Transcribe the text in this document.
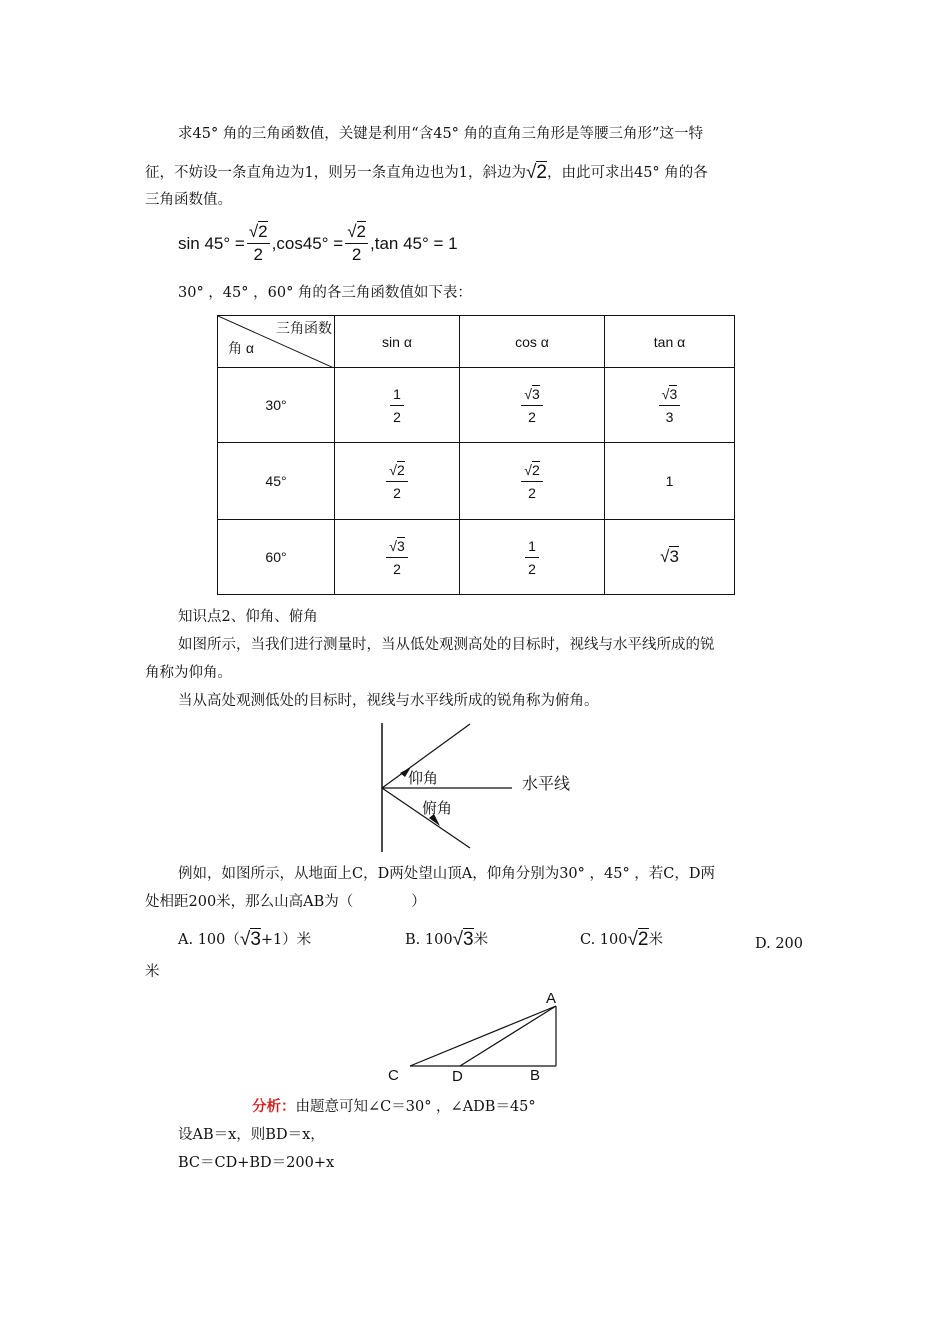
求45° 角的三角函数值，关键是利用“含45° 角的直角三角形是等腰三角形”这一特
征，不妨设一条直角边为1，则另一条直角边也为1，斜边为√2，由此可求出45° 角的各
三角函数值。
$\sin 45^\circ = \frac{√2}{2} ,\cos 45^\circ = \frac{√2}{2} ,\tan$ 45° = 1
30° ，45° ，60° 角的各三角函数值如下表：
三角函数
角 α	sin α	cos α	tan α
30°	$\frac{1}{2}$	$\frac{√3}{2}$	$\frac{√3}{3}$

45°	$\frac{√2}{2}$	$\frac{√2}{2}$	1
60°	$\frac{√3}{2}$	$\frac{1}{2}$	√3
知识点2、仰角、俯角
如图所示，当我们进行测量时，当从低处观测高处的目标时，视线与水平线所成的锐
角称为仰角。
当从高处观测低处的目标时，视线与水平线所成的锐角称为俯角。
仰角
俯角
水平线
例如，如图所示，从地面上C，D两处望山顶A，仰角分别为30° ，45° ，若C，D两
处相距200米，那么山高AB为（　　　　）
A. 100（√3+1）米	B. 100√3米	C. 100√2米	D. 200
米
A
C	D	B
分析：由题意可知∠C＝30° ，∠ADB＝45°
设AB＝x，则BD＝x，
BC＝CD+BD＝200+x
